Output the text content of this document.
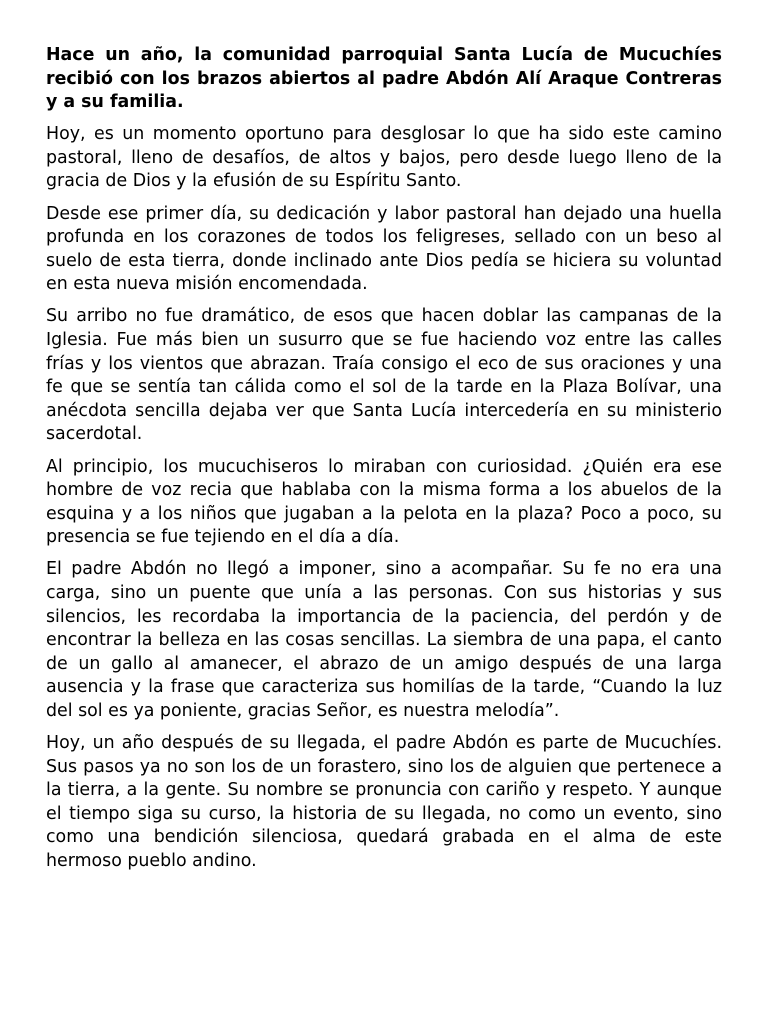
Hace un año, la comunidad parroquial Santa Lucía de Mucuchíes recibió con los brazos abiertos al padre Abdón Alí Araque Contreras y a su familia.

Hoy, es un momento oportuno para desglosar lo que ha sido este camino pastoral, lleno de desafíos, de altos y bajos, pero desde luego lleno de la gracia de Dios y la efusión de su Espíritu Santo.

Desde ese primer día, su dedicación y labor pastoral han dejado una huella profunda en los corazones de todos los feligreses, sellado con un beso al suelo de esta tierra, donde inclinado ante Dios pedía se hiciera su voluntad en esta nueva misión encomendada.

Su arribo no fue dramático, de esos que hacen doblar las campanas de la Iglesia. Fue más bien un susurro que se fue haciendo voz entre las calles frías y los vientos que abrazan. Traía consigo el eco de sus oraciones y una fe que se sentía tan cálida como el sol de la tarde en la Plaza Bolívar, una anécdota sencilla dejaba ver que Santa Lucía intercedería en su ministerio sacerdotal.

Al principio, los mucuchiseros lo miraban con curiosidad. ¿Quién era ese hombre de voz recia que hablaba con la misma forma a los abuelos de la esquina y a los niños que jugaban a la pelota en la plaza? Poco a poco, su presencia se fue tejiendo en el día a día.

El padre Abdón no llegó a imponer, sino a acompañar. Su fe no era una carga, sino un puente que unía a las personas. Con sus historias y sus silencios, les recordaba la importancia de la paciencia, del perdón y de encontrar la belleza en las cosas sencillas. La siembra de una papa, el canto de un gallo al amanecer, el abrazo de un amigo después de una larga ausencia y la frase que caracteriza sus homilías de la tarde, “Cuando la luz del sol es ya poniente, gracias Señor, es nuestra melodía”.

Hoy, un año después de su llegada, el padre Abdón es parte de Mucuchíes. Sus pasos ya no son los de un forastero, sino los de alguien que pertenece a la tierra, a la gente. Su nombre se pronuncia con cariño y respeto. Y aunque el tiempo siga su curso, la historia de su llegada, no como un evento, sino como una bendición silenciosa, quedará grabada en el alma de este hermoso pueblo andino.
